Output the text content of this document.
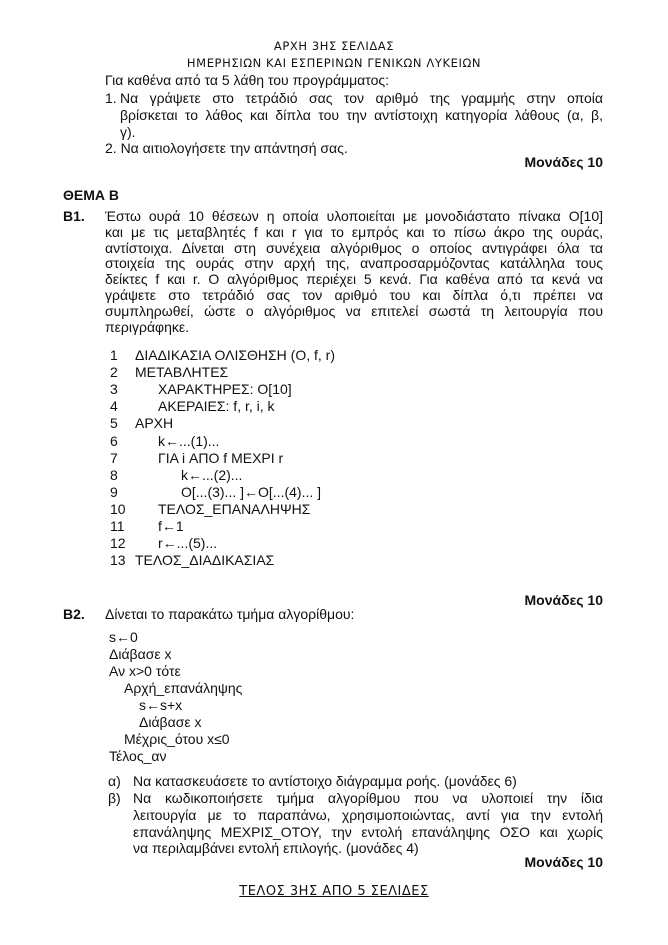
ΑΡΧΗ 3ΗΣ ΣΕΛΙΔΑΣ
ΗΜΕΡΗΣΙΩΝ ΚΑΙ ΕΣΠΕΡΙΝΩΝ ΓΕΝΙΚΩΝ ΛΥΚΕΙΩΝ
Για καθένα από τα 5 λάθη του προγράμματος:
1. Να γράψετε στο τετράδιό σας τον αριθμό της γραμμής στην οποία
βρίσκεται το λάθος και δίπλα του την αντίστοιχη κατηγορία λάθους (α, β,
γ).
2. Να αιτιολογήσετε την απάντησή σας.
Μονάδες 10
ΘΕΜΑ Β
Β1. Έστω ουρά 10 θέσεων η οποία υλοποιείται με μονοδιάστατο πίνακα Ο[10]
και με τις μεταβλητές f και r για το εμπρός και το πίσω άκρο της ουράς,
αντίστοιχα. Δίνεται στη συνέχεια αλγόριθμος ο οποίος αντιγράφει όλα τα
στοιχεία της ουράς στην αρχή της, αναπροσαρμόζοντας κατάλληλα τους
δείκτες f και r. Ο αλγόριθμος περιέχει 5 κενά. Για καθένα από τα κενά να
γράψετε στο τετράδιό σας τον αριθμό του και δίπλα ό,τι πρέπει να
συμπληρωθεί, ώστε ο αλγόριθμος να επιτελεί σωστά τη λειτουργία που
περιγράφηκε.
1 ΔΙΑΔΙΚΑΣΙΑ ΟΛΙΣΘΗΣΗ (Ο, f, r)
2 ΜΕΤΑΒΛΗΤΕΣ
3	ΧΑΡΑΚΤΗΡΕΣ: Ο[10]
4	ΑΚΕΡΑΙΕΣ: f, r, i, k
5 ΑΡΧΗ
6	k←...(1)...
7	ΓΙΑ i ΑΠΟ f ΜΕΧΡΙ r
8	k←...(2)...
9	Ο[...(3)... ]←Ο[...(4)... ]
10 ΤΕΛΟΣ_ΕΠΑΝΑΛΗΨΗΣ
11 f←1
12 r←...(5)...
13 ΤΕΛΟΣ_ΔΙΑΔΙΚΑΣΙΑΣ
Μονάδες 10
Β2. Δίνεται το παρακάτω τμήμα αλγορίθμου:
s←0
Διάβασε x
Αν x>0 τότε
Αρχή_επανάληψης
s←s+x
Διάβασε x
Μέχρις_ότου x≤0
Τέλος_αν
α) Να κατασκευάσετε το αντίστοιχο διάγραμμα ροής. (μονάδες 6)
β) Να κωδικοποιήσετε τμήμα αλγορίθμου που να υλοποιεί την ίδια
λειτουργία με το παραπάνω, χρησιμοποιώντας, αντί για την εντολή
επανάληψης ΜΕΧΡΙΣ_ΟΤΟΥ, την εντολή επανάληψης ΟΣΟ και χωρίς
να περιλαμβάνει εντολή επιλογής. (μονάδες 4)
Μονάδες 10
ΤΕΛΟΣ 3ΗΣ ΑΠΟ 5 ΣΕΛΙΔΕΣ
